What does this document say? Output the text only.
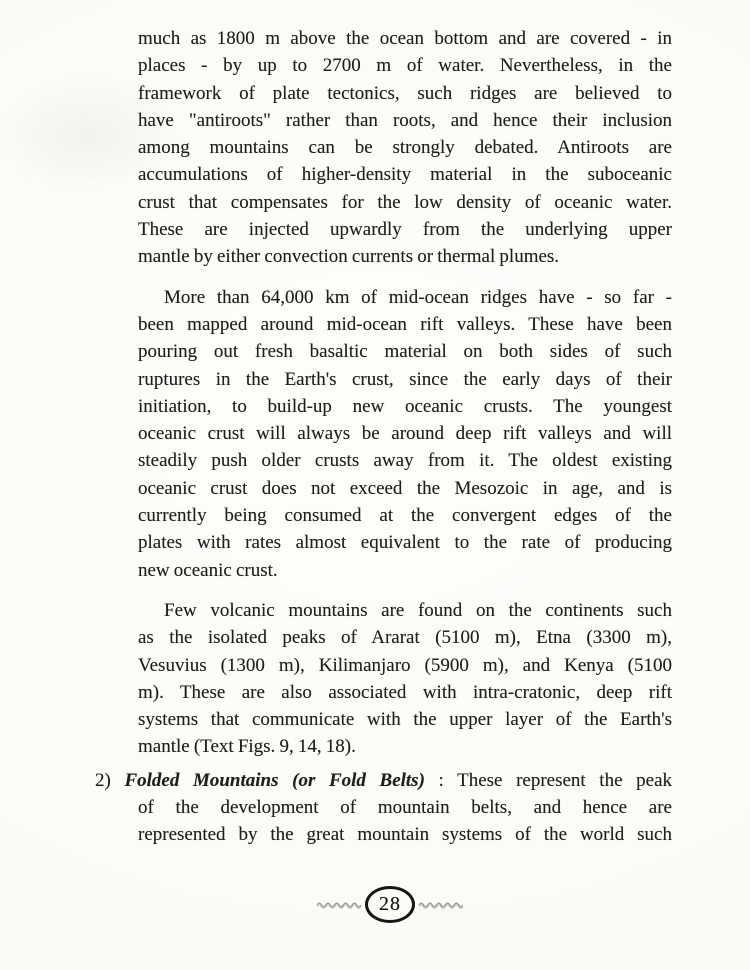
much as 1800 m above the ocean bottom and are covered - in
places - by up to 2700 m of water. Nevertheless, in the
framework of plate tectonics, such ridges are believed to
have "antiroots" rather than roots, and hence their inclusion
among mountains can be strongly debated. Antiroots are
accumulations of higher-density material in the suboceanic
crust that compensates for the low density of oceanic water.
These are injected upwardly from the underlying upper
mantle by either convection currents or thermal plumes.
More than 64,000 km of mid-ocean ridges have - so far -
been mapped around mid-ocean rift valleys. These have been
pouring out fresh basaltic material on both sides of such
ruptures in the Earth's crust, since the early days of their
initiation, to build-up new oceanic crusts. The youngest
oceanic crust will always be around deep rift valleys and will
steadily push older crusts away from it. The oldest existing
oceanic crust does not exceed the Mesozoic in age, and is
currently being consumed at the convergent edges of the
plates with rates almost equivalent to the rate of producing
new oceanic crust.
Few volcanic mountains are found on the continents such
as the isolated peaks of Ararat (5100 m), Etna (3300 m),
Vesuvius (1300 m), Kilimanjaro (5900 m), and Kenya (5100
m). These are also associated with intra-cratonic, deep rift
systems that communicate with the upper layer of the Earth's
mantle (Text Figs. 9, 14, 18).
2) Folded Mountains (or Fold Belts) : These represent the peak
of the development of mountain belts, and hence are
represented by the great mountain systems of the world such
28
